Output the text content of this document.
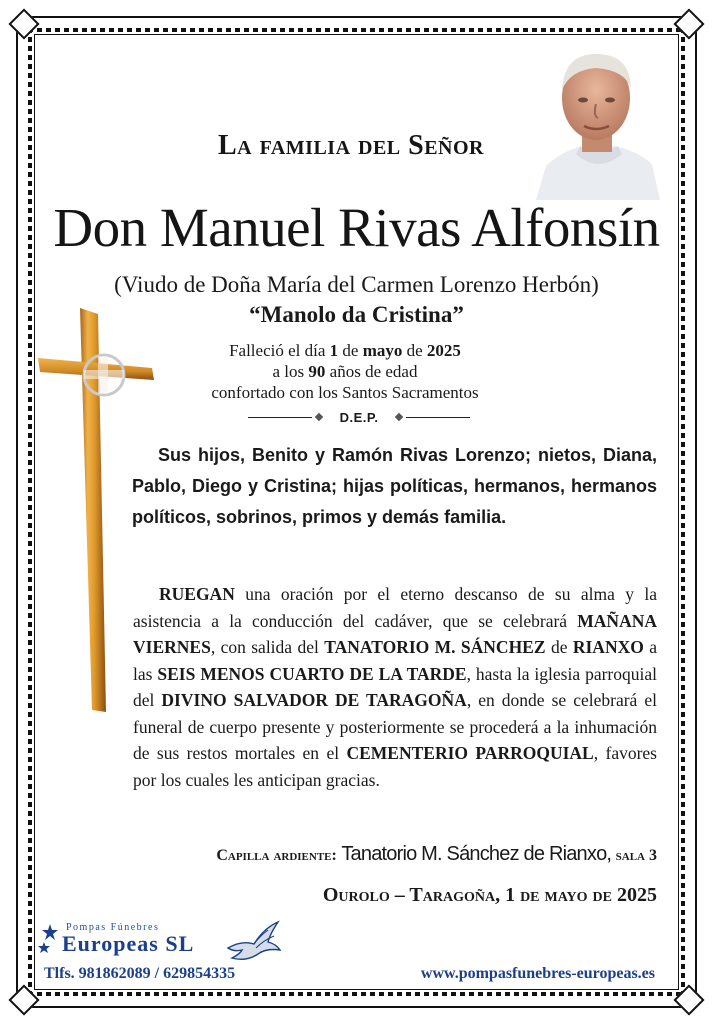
La familia del Señor
Don Manuel Rivas Alfonsín
(Viudo de Doña María del Carmen Lorenzo Herbón)
“Manolo da Cristina”
Falleció el día 1 de mayo de 2025
a los 90 años de edad
confortado con los Santos Sacramentos
D.E.P.
Sus hijos, Benito y Ramón Rivas Lorenzo; nietos, Diana, Pablo, Diego y Cristina; hijas políticas, hermanos, hermanos políticos, sobrinos, primos y demás familia.
RUEGAN una oración por el eterno descanso de su alma y la asistencia a la conducción del cadáver, que se celebrará MAÑANA VIERNES, con salida del TANATORIO M. SÁNCHEZ de RIANXO a las SEIS MENOS CUARTO DE LA TARDE, hasta la iglesia parroquial del DIVINO SALVADOR DE TARAGOÑA, en donde se celebrará el funeral de cuerpo presente y posteriormente se procederá a la inhumación de sus restos mortales en el CEMENTERIO PARROQUIAL, favores por los cuales les anticipan gracias.
Capilla ardiente: Tanatorio M. Sánchez de Rianxo, sala 3
Ourolo – Taragoña, 1 de mayo de 2025
Pompas Fúnebres
Europeas SL
Tlfs. 981862089 / 629854335	www.pompasfunebres-europeas.es
